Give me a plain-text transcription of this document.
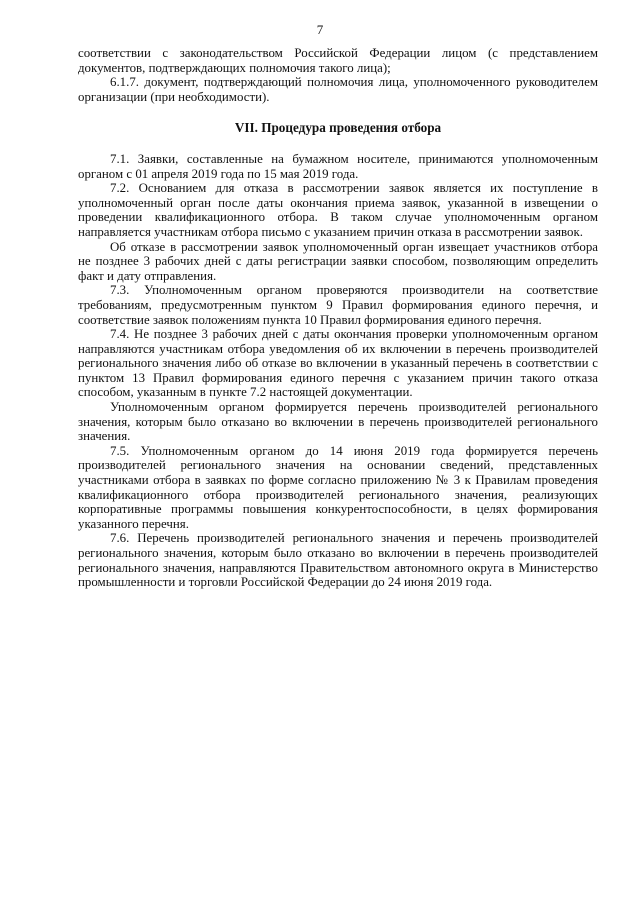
7

соответствии с законодательством Российской Федерации лицом (с представлением документов, подтверждающих полномочия такого лица);

6.1.7. документ, подтверждающий полномочия лица, уполномоченного руководителем организации (при необходимости).

VII. Процедура проведения отбора

7.1. Заявки, составленные на бумажном носителе, принимаются уполномоченным органом с 01 апреля 2019 года по 15 мая 2019 года.

7.2. Основанием для отказа в рассмотрении заявок является их поступление в уполномоченный орган после даты окончания приема заявок, указанной в извещении о проведении квалификационного отбора. В таком случае уполномоченным органом направляется участникам отбора письмо с указанием причин отказа в рассмотрении заявок.

Об отказе в рассмотрении заявок уполномоченный орган извещает участников отбора не позднее 3 рабочих дней с даты регистрации заявки способом, позволяющим определить факт и дату отправления.

7.3. Уполномоченным органом проверяются производители на соответствие требованиям, предусмотренным пунктом 9 Правил формирования единого перечня, и соответствие заявок положениям пункта 10 Правил формирования единого перечня.

7.4. Не позднее 3 рабочих дней с даты окончания проверки уполномоченным органом направляются участникам отбора уведомления об их включении в перечень производителей регионального значения либо об отказе во включении в указанный перечень в соответствии с пунктом 13 Правил формирования единого перечня с указанием причин такого отказа способом, указанным в пункте 7.2 настоящей документации.

Уполномоченным органом формируется перечень производителей регионального значения, которым было отказано во включении в перечень производителей регионального значения.

7.5. Уполномоченным органом до 14 июня 2019 года формируется перечень производителей регионального значения на основании сведений, представленных участниками отбора в заявках по форме согласно приложению № 3 к Правилам проведения квалификационного отбора производителей регионального значения, реализующих корпоративные программы повышения конкурентоспособности, в целях формирования указанного перечня.

7.6. Перечень производителей регионального значения и перечень производителей регионального значения, которым было отказано во включении в перечень производителей регионального значения, направляются Правительством автономного округа в Министерство промышленности и торговли Российской Федерации до 24 июня 2019 года.
